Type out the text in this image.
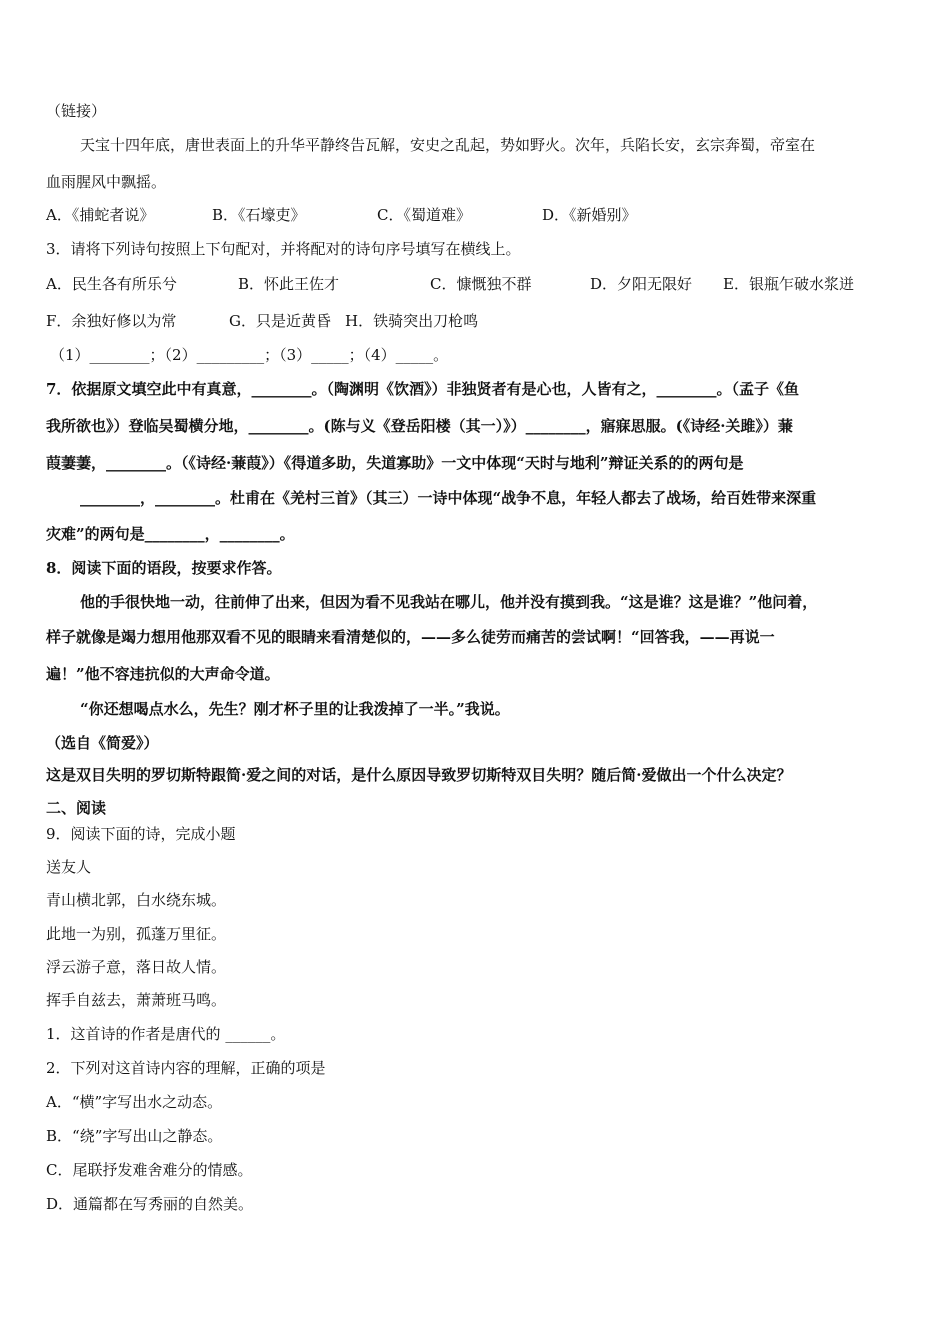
（链接）
天宝十四年底，唐世表面上的升华平静终告瓦解，安史之乱起，势如野火。次年，兵陷长安，玄宗奔蜀，帝室在
血雨腥风中飘摇。
A．《捕蛇者说》	B．《石壕吏》	C．《蜀道难》	D．《新婚别》
3．请将下列诗句按照上下句配对，并将配对的诗句序号填写在横线上。
A．民生各有所乐兮	B．怀此王佐才	C．慷慨独不群	D．夕阳无限好 E．银瓶乍破水浆迸
F．余独好修以为常	G．只是近黄昏 H．铁骑突出刀枪鸣
（1）________；（2）_________；（3）_____；（4）_____。
7．依据原文填空此中有真意，________。（陶渊明《饮酒》）非独贤者有是心也，人皆有之，________。（孟子《鱼
我所欲也》）登临吴蜀横分地，________。(陈与义《登岳阳楼（其一）》）________，寤寐思服。(《诗经·关雎》）蒹
葭萋萋，________。（《诗经·蒹葭》）《得道多助，失道寡助》一文中体现“天时与地利”辩证关系的的两句是
________，________。杜甫在《羌村三首》（其三）一诗中体现“战争不息，年轻人都去了战场，给百姓带来深重
灾难”的两句是________，________。
8．阅读下面的语段，按要求作答。
他的手很快地一动，往前伸了出来，但因为看不见我站在哪儿，他并没有摸到我。“这是谁？这是谁？”他问着，
样子就像是竭力想用他那双看不见的眼睛来看清楚似的，——多么徒劳而痛苦的尝试啊！“回答我，——再说一
遍！”他不容违抗似的大声命令道。
“你还想喝点水么，先生？刚才杯子里的让我泼掉了一半。”我说。
（选自《简爱》）
这是双目失明的罗切斯特跟简·爱之间的对话，是什么原因导致罗切斯特双目失明？随后简·爱做出一个什么决定？
二、阅读
9．阅读下面的诗，完成小题
送友人
青山横北郭，白水绕东城。
此地一为别，孤蓬万里征。
浮云游子意，落日故人情。
挥手自兹去，萧萧班马鸣。
1．这首诗的作者是唐代的 ______。
2．下列对这首诗内容的理解，正确的项是
A．“横”字写出水之动态。
B．“绕”字写出山之静态。
C．尾联抒发难舍难分的情感。
D．通篇都在写秀丽的自然美。
